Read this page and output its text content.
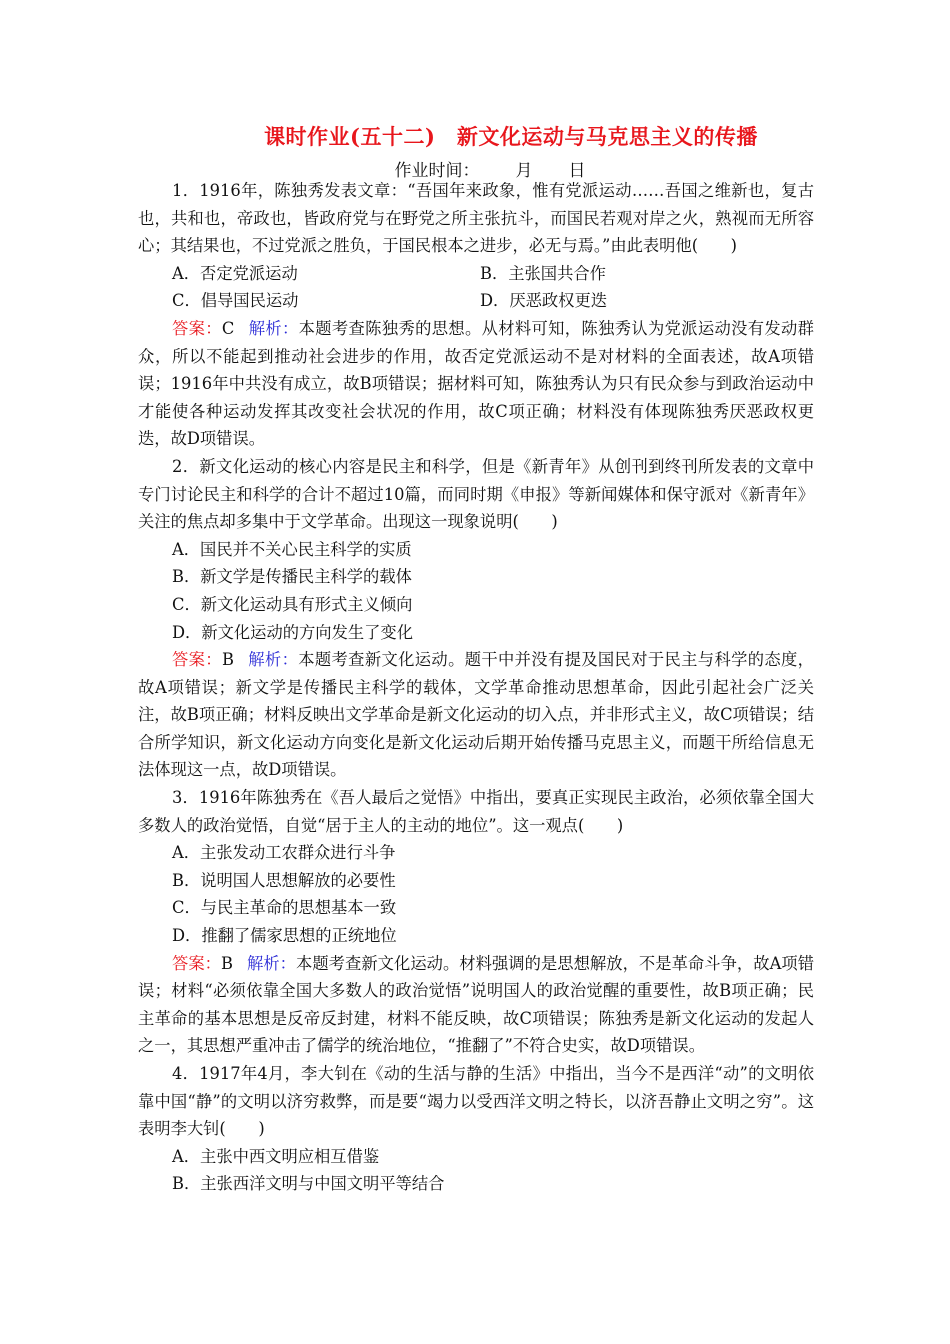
课时作业(五十二)　新文化运动与马克思主义的传播
作业时间： 月 日

1．1916年，陈独秀发表文章：“吾国年来政象，惟有党派运动……吾国之维新也，复古也，共和也，帝政也，皆政府党与在野党之所主张抗斗，而国民若观对岸之火，熟视而无所容心；其结果也，不过党派之胜负，于国民根本之进步，必无与焉。”由此表明他(　　)

A．否定党派运动	B．主张国共合作
C．倡导国民运动	D．厌恶政权更迭

答案：C 解析：本题考查陈独秀的思想。从材料可知，陈独秀认为党派运动没有发动群众，所以不能起到推动社会进步的作用，故否定党派运动不是对材料的全面表述，故A项错误；1916年中共没有成立，故B项错误；据材料可知，陈独秀认为只有民众参与到政治运动中才能使各种运动发挥其改变社会状况的作用，故C项正确；材料没有体现陈独秀厌恶政权更迭，故D项错误。

2．新文化运动的核心内容是民主和科学，但是《新青年》从创刊到终刊所发表的文章中专门讨论民主和科学的合计不超过10篇，而同时期《申报》等新闻媒体和保守派对《新青年》关注的焦点却多集中于文学革命。出现这一现象说明(　　)

A．国民并不关心民主科学的实质

B．新文学是传播民主科学的载体

C．新文化运动具有形式主义倾向

D．新文化运动的方向发生了变化

答案：B 解析：本题考查新文化运动。题干中并没有提及国民对于民主与科学的态度，故A项错误；新文学是传播民主科学的载体，文学革命推动思想革命，因此引起社会广泛关注，故B项正确；材料反映出文学革命是新文化运动的切入点，并非形式主义，故C项错误；结合所学知识，新文化运动方向变化是新文化运动后期开始传播马克思主义，而题干所给信息无法体现这一点，故D项错误。

3．1916年陈独秀在《吾人最后之觉悟》中指出，要真正实现民主政治，必须依靠全国大多数人的政治觉悟，自觉“居于主人的主动的地位”。这一观点(　　)

A．主张发动工农群众进行斗争

B．说明国人思想解放的必要性

C．与民主革命的思想基本一致

D．推翻了儒家思想的正统地位

答案：B 解析：本题考查新文化运动。材料强调的是思想解放，不是革命斗争，故A项错误；材料“必须依靠全国大多数人的政治觉悟”说明国人的政治觉醒的重要性，故B项正确；民主革命的基本思想是反帝反封建，材料不能反映，故C项错误；陈独秀是新文化运动的发起人之一，其思想严重冲击了儒学的统治地位，“推翻了”不符合史实，故D项错误。

4．1917年4月，李大钊在《动的生活与静的生活》中指出，当今不是西洋“动”的文明依靠中国“静”的文明以济穷救弊，而是要“竭力以受西洋文明之特长，以济吾静止文明之穷”。这表明李大钊(　　)

A．主张中西文明应相互借鉴

B．主张西洋文明与中国文明平等结合
